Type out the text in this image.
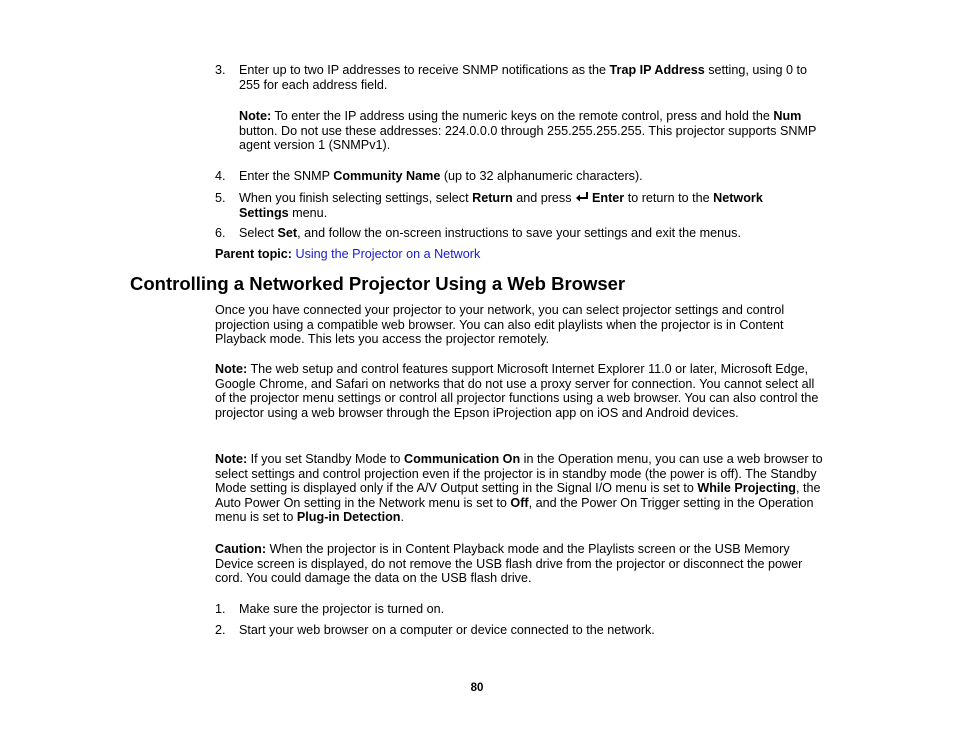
3.	Enter up to two IP addresses to receive SNMP notifications as the Trap IP Address setting, using 0 to 255 for each address field.
Note: To enter the IP address using the numeric keys on the remote control, press and hold the Num button. Do not use these addresses: 224.0.0.0 through 255.255.255.255. This projector supports SNMP agent version 1 (SNMPv1).
4.	Enter the SNMP Community Name (up to 32 alphanumeric characters).
5.	When you finish selecting settings, select Return and press Enter to return to the Network Settings menu.
6.	Select Set, and follow the on-screen instructions to save your settings and exit the menus.
Parent topic: Using the Projector on a Network
Controlling a Networked Projector Using a Web Browser
Once you have connected your projector to your network, you can select projector settings and control projection using a compatible web browser. You can also edit playlists when the projector is in Content Playback mode. This lets you access the projector remotely.
Note: The web setup and control features support Microsoft Internet Explorer 11.0 or later, Microsoft Edge, Google Chrome, and Safari on networks that do not use a proxy server for connection. You cannot select all of the projector menu settings or control all projector functions using a web browser. You can also control the projector using a web browser through the Epson iProjection app on iOS and Android devices.
Note: If you set Standby Mode to Communication On in the Operation menu, you can use a web browser to select settings and control projection even if the projector is in standby mode (the power is off). The Standby Mode setting is displayed only if the A/V Output setting in the Signal I/O menu is set to While Projecting, the Auto Power On setting in the Network menu is set to Off, and the Power On Trigger setting in the Operation menu is set to Plug-in Detection.
Caution: When the projector is in Content Playback mode and the Playlists screen or the USB Memory Device screen is displayed, do not remove the USB flash drive from the projector or disconnect the power cord. You could damage the data on the USB flash drive.
1.	Make sure the projector is turned on.
2.	Start your web browser on a computer or device connected to the network.
80
